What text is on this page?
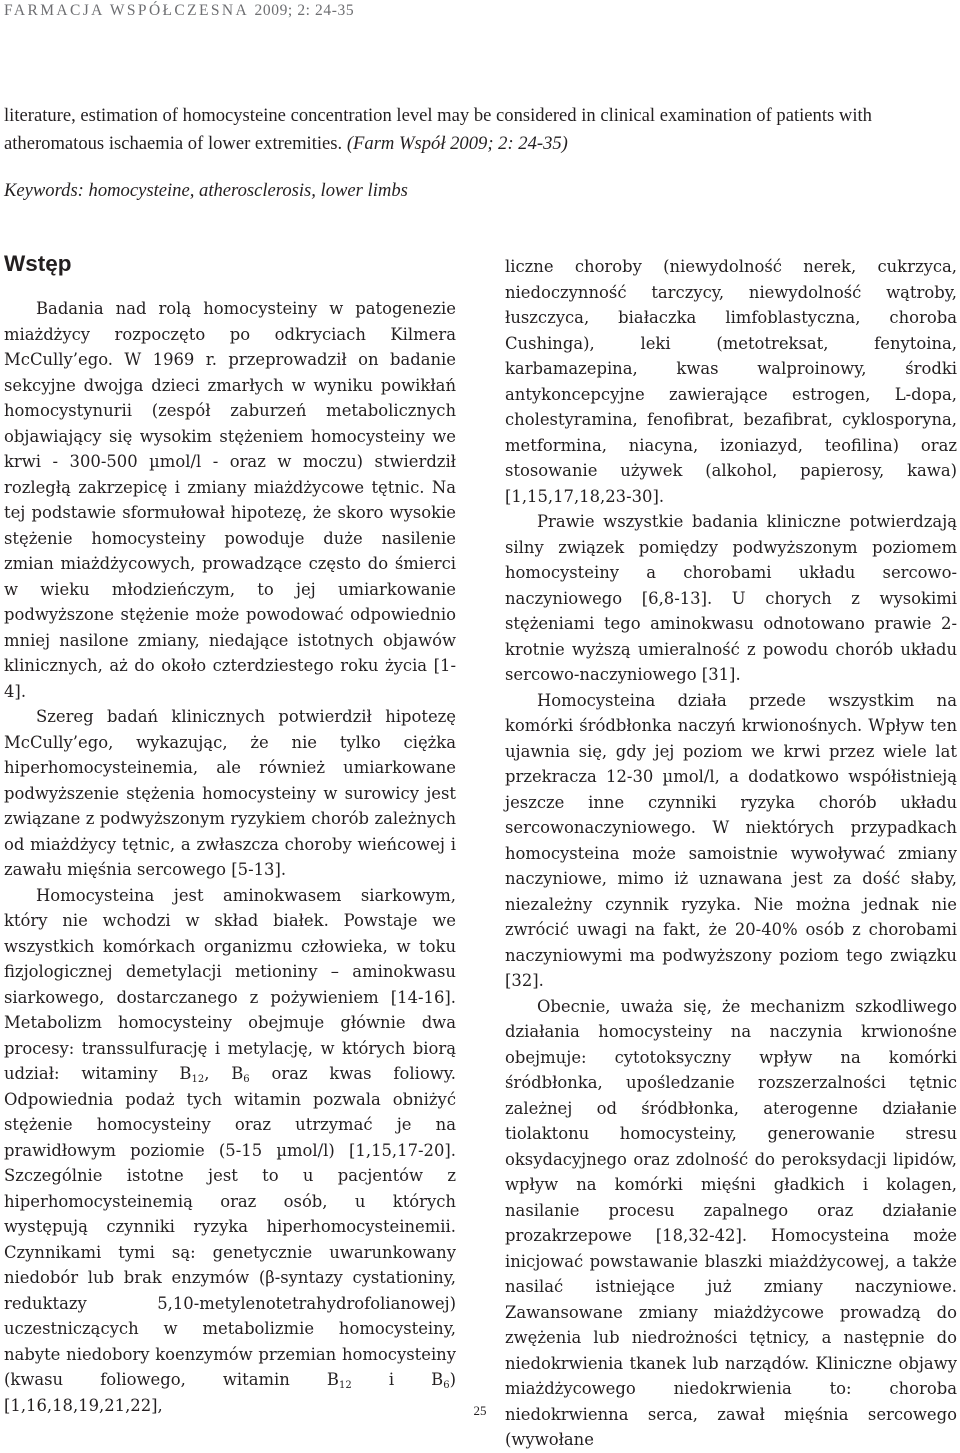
FARMACJA WSPÓŁCZESNA 2009; 2: 24-35
literature, estimation of homocysteine concentration level may be considered in clinical examination of patients with atheromatous ischaemia of lower extremities. (Farm Współ 2009; 2: 24-35)
Keywords: homocysteine, atherosclerosis, lower limbs
Wstęp

Badania nad rolą homocysteiny w patogenezie miażdżycy rozpoczęto po odkryciach Kilmera McCully’ego. W 1969 r. przeprowadził on badanie sekcyjne dwojga dzieci zmarłych w wyniku powikłań homocystynurii (zespół zaburzeń metabolicznych objawiający się wysokim stężeniem homocysteiny we krwi - 300-500 µmol/l - oraz w moczu) stwierdził rozległą zakrzepicę i zmiany miażdżycowe tętnic. Na tej podstawie sformułował hipotezę, że skoro wysokie stężenie homocysteiny powoduje duże nasilenie zmian miażdżycowych, prowadzące często do śmierci w wieku młodzieńczym, to jej umiarkowanie podwyższone stężenie może powodować odpowiednio mniej nasilone zmiany, niedające istotnych objawów klinicznych, aż do około czterdziestego roku życia [1-4].

Szereg badań klinicznych potwierdził hipotezę McCully’ego, wykazując, że nie tylko ciężka hiperhomocysteinemia, ale również umiarkowane podwyższenie stężenia homocysteiny w surowicy jest związane z podwyższonym ryzykiem chorób zależnych od miażdżycy tętnic, a zwłaszcza choroby wieńcowej i zawału mięśnia sercowego [5-13].

Homocysteina jest aminokwasem siarkowym, który nie wchodzi w skład białek. Powstaje we wszystkich komórkach organizmu człowieka, w toku fizjologicznej demetylacji metioniny – aminokwasu siarkowego, dostarczanego z pożywieniem [14-16]. Metabolizm homocysteiny obejmuje głównie dwa procesy: transsulfurację i metylację, w których biorą udział: witaminy $B_{12}$, $B_6$ oraz kwas foliowy. Odpowiednia podaż tych witamin pozwala obniżyć stężenie homocysteiny oraz utrzymać je na prawidłowym poziomie (5-15 µmol/l) [1,15,17-20]. Szczególnie istotne jest to u pacjentów z hiperhomocysteinemią oraz osób, u których występują czynniki ryzyka hiperhomocysteinemii. Czynnikami tymi są: genetycznie uwarunkowany niedobór lub brak enzymów (β-syntazy cystationiny, reduktazy 5,10-metylenotetrahydrofolianowej) uczestniczących w metabolizmie homocysteiny, nabyte niedobory koenzymów przemian homocysteiny (kwasu foliowego, witamin $B_{12}$ i $B_6$) [1,16,18,19,21,22],

liczne choroby (niewydolność nerek, cukrzyca, niedoczynność tarczycy, niewydolność wątroby, łuszczyca, białaczka limfoblastyczna, choroba Cushinga), leki (metotreksat, fenytoina, karbamazepina, kwas walproinowy, środki antykoncepcyjne zawierające estrogen, L-dopa, cholestyramina, fenofibrat, bezafibrat, cyklosporyna, metformina, niacyna, izoniazyd, teofilina) oraz stosowanie używek (alkohol, papierosy, kawa) [1,15,17,18,23-30].

Prawie wszystkie badania kliniczne potwierdzają silny związek pomiędzy podwyższonym poziomem homocysteiny a chorobami układu sercowo-naczyniowego [6,8-13]. U chorych z wysokimi stężeniami tego aminokwasu odnotowano prawie 2-krotnie wyższą umieralność z powodu chorób układu sercowo-naczyniowego [31].

Homocysteina działa przede wszystkim na komórki śródbłonka naczyń krwionośnych. Wpływ ten ujawnia się, gdy jej poziom we krwi przez wiele lat przekracza 12-30 µmol/l, a dodatkowo współistnieją jeszcze inne czynniki ryzyka chorób układu sercowonaczyniowego. W niektórych przypadkach homocysteina może samoistnie wywoływać zmiany naczyniowe, mimo iż uznawana jest za dość słaby, niezależny czynnik ryzyka. Nie można jednak nie zwrócić uwagi na fakt, że 20-40% osób z chorobami naczyniowymi ma podwyższony poziom tego związku [32].

Obecnie, uważa się, że mechanizm szkodliwego działania homocysteiny na naczynia krwionośne obejmuje: cytotoksyczny wpływ na komórki śródbłonka, upośledzanie rozszerzalności tętnic zależnej od śródbłonka, aterogenne działanie tiolaktonu homocysteiny, generowanie stresu oksydacyjnego oraz zdolność do peroksydacji lipidów, wpływ na komórki mięśni gładkich i kolagen, nasilanie procesu zapalnego oraz działanie prozakrzepowe [18,32-42]. Homocysteina może inicjować powstawanie blaszki miażdżycowej, a także nasilać istniejące już zmiany naczyniowe. Zawansowane zmiany miażdżycowe prowadzą do zwężenia lub niedrożności tętnicy, a następnie do niedokrwienia tkanek lub narządów. Kliniczne objawy miażdżycowego niedokrwienia to: choroba niedokrwienna serca, zawał mięśnia sercowego (wywołane

25
